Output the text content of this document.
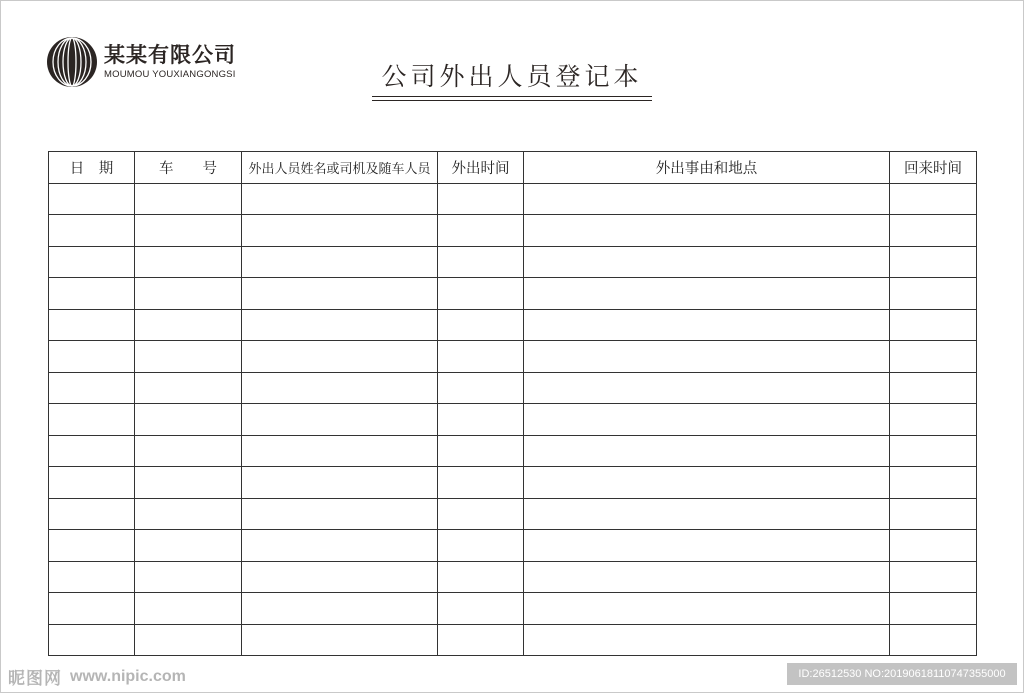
某某有限公司
MOUMOU YOUXIANGONGSI	公司外出人员登记本
日　期	车　　号	外出人员姓名或司机及随车人员	外出时间	外出事由和地点	回来时间

昵图网 www.nipic.com	ID:26512530 NO:20190618110747355000
